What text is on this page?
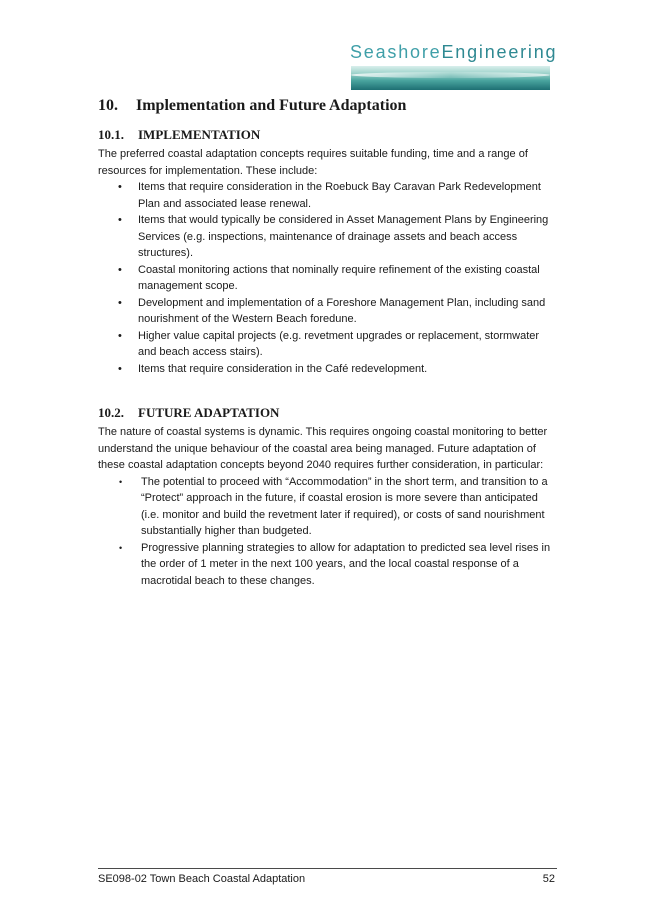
SeashoreEngineering
10. Implementation and Future Adaptation
10.1. IMPLEMENTATION

The preferred coastal adaptation concepts requires suitable funding, time and a range of resources for implementation. These include:

• Items that require consideration in the Roebuck Bay Caravan Park Redevelopment Plan and associated lease renewal.
• Items that would typically be considered in Asset Management Plans by Engineering Services (e.g. inspections, maintenance of drainage assets and beach access structures).
• Coastal monitoring actions that nominally require refinement of the existing coastal management scope.
• Development and implementation of a Foreshore Management Plan, including sand nourishment of the Western Beach foredune.
• Higher value capital projects (e.g. revetment upgrades or replacement, stormwater and beach access stairs).
• Items that require consideration in the Café redevelopment.
10.2. FUTURE ADAPTATION

The nature of coastal systems is dynamic. This requires ongoing coastal monitoring to better understand the unique behaviour of the coastal area being managed. Future adaptation of these coastal adaptation concepts beyond 2040 requires further consideration, in particular:

• The potential to proceed with “Accommodation” in the short term, and transition to a “Protect” approach in the future, if coastal erosion is more severe than anticipated (i.e. monitor and build the revetment later if required), or costs of sand nourishment substantially higher than budgeted.
• Progressive planning strategies to allow for adaptation to predicted sea level rises in the order of 1 meter in the next 100 years, and the local coastal response of a macrotidal beach to these changes.
SE098-02 Town Beach Coastal Adaptation	52
